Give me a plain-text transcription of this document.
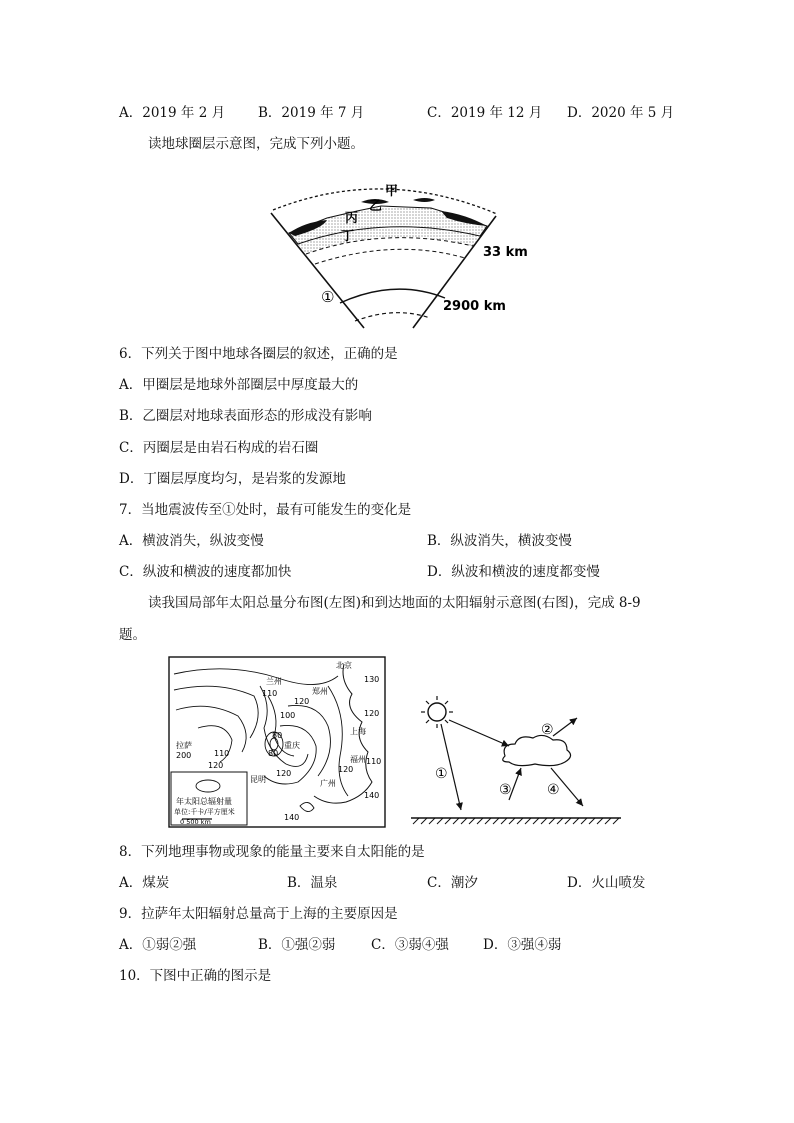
A．2019 年 2 月 B．2019 年 7 月	C．2019 年 12 月 D．2020 年 5 月
读地球圈层示意图，完成下列小题。
甲
乙
丙
丁
①
33 km
2900 km
6．下列关于图中地球各圈层的叙述，正确的是
A．甲圈层是地球外部圈层中厚度最大的
B．乙圈层对地球表面形态的形成没有影响
C．丙圈层是由岩石构成的岩石圈
D．丁圈层厚度均匀，是岩浆的发源地
7．当地震波传至①处时，最有可能发生的变化是
A．横波消失，纵波变慢	B．纵波消失，横波变慢
C．纵波和横波的速度都加快	D．纵波和横波的速度都变慢
读我国局部年太阳总量分布图(左图)和到达地面的太阳辐射示意图(右图)，完成 8-9
题。
年太阳总辐射量
单位:千卡/平方厘米
0 500 km
北京
兰州
郑州
拉萨	重庆
上海
昆明
福州
广州
130
110
120
100	120
200	110
120
80
80
120
110
120
140
140
①
②
③	④
8．下列地理事物或现象的能量主要来自太阳能的是
A．煤炭	B．温泉	C．潮汐	D．火山喷发
9．拉萨年太阳辐射总量高于上海的主要原因是
A．①弱②强	B．①强②弱	C．③弱④强	D．③强④弱
10．下图中正确的图示是
